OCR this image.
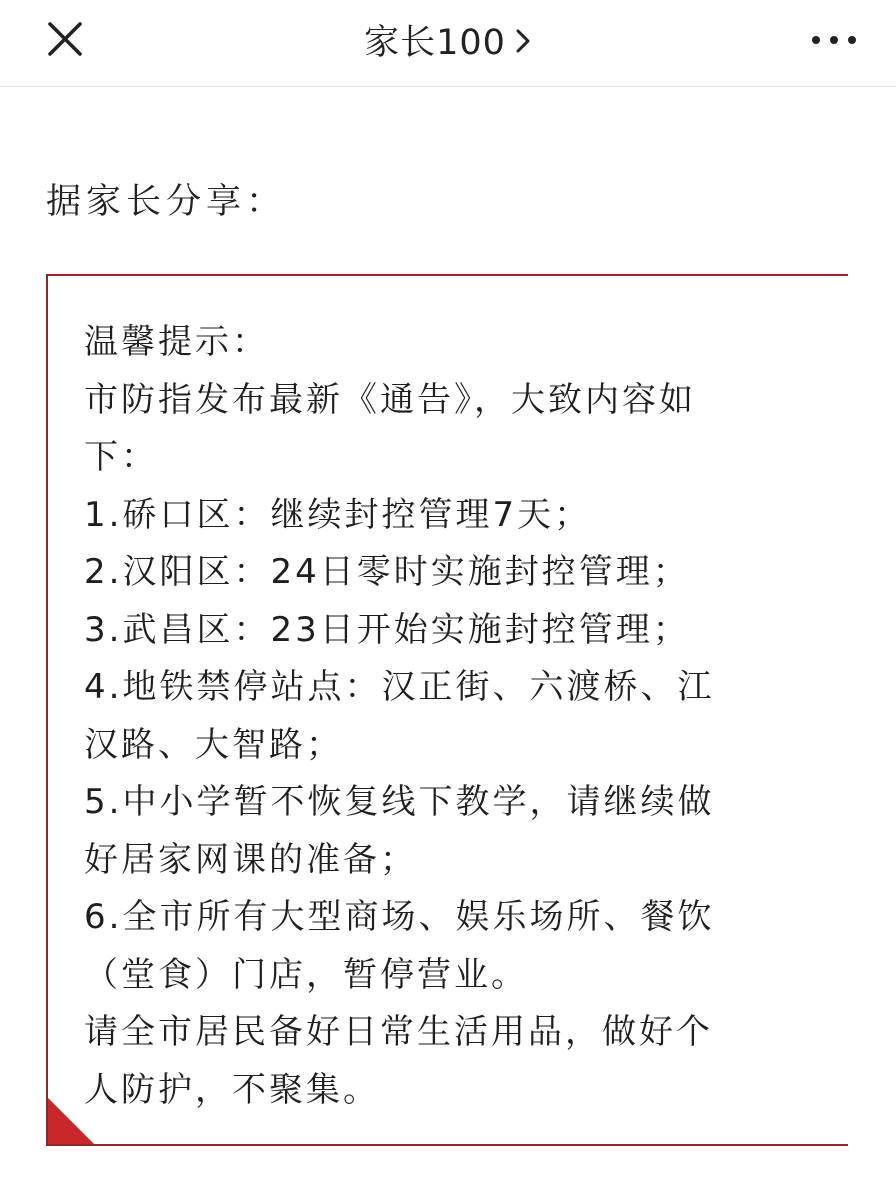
家长100

据家长分享：

温馨提示：
市防指发布最新《通告》，大致内容如
下：
1.硚口区：继续封控管理7天；
2.汉阳区：24日零时实施封控管理；
3.武昌区：23日开始实施封控管理；
4.地铁禁停站点：汉正街、六渡桥、江
汉路、大智路；
5.中小学暂不恢复线下教学，请继续做
好居家网课的准备；
6.全市所有大型商场、娱乐场所、餐饮
（堂食）门店，暂停营业。
请全市居民备好日常生活用品，做好个
人防护，不聚集。
